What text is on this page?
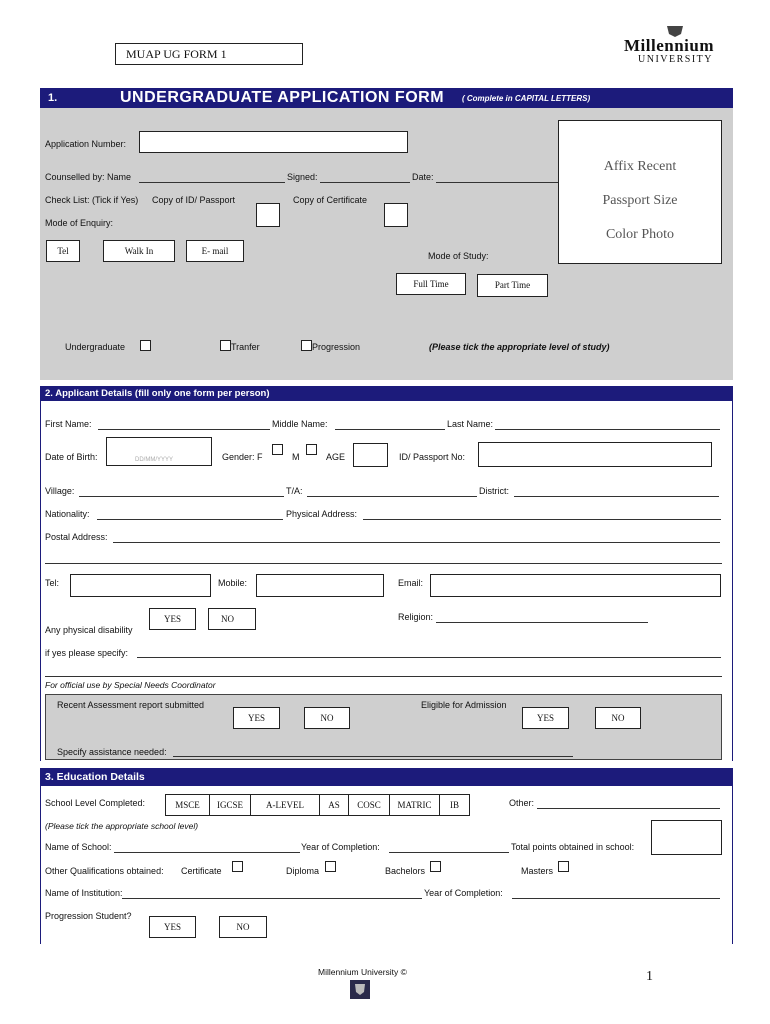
MUAP UG FORM 1	Millennium
UNIVERSITY
1.	UNDERGRADUATE APPLICATION FORM ( Complete in CAPITAL LETTERS)
Application Number:
Counselled by: Name	Signed:	Date:
Check List: (Tick if Yes) Copy of ID/ Passport	Copy of Certificate
Mode of Enquiry:
Tel	Walk In	E- mail
Affix Recent
Passport Size
Color Photo
Mode of Study:
Full Time	Part Time
Undergraduate	Tranfer	Progression	(Please tick the appropriate level of study)
2. Applicant Details (fill only one form per person)
First Name:	Middle Name:	Last Name:
Date of Birth:	DD/MM/YYYY	Gender: F	M	AGE	ID/ Passport No:
Village:	T/A:	District:
Nationality:	Physical Address:
Postal Address:
Tel:	Mobile:	Email:
Any physical disability
YES	NO	Religion:
if yes please specify:
For official use by Special Needs Coordinator
Recent Assessment report submitted
YES	NO
Eligible for Admission
YES	NO
Specify assistance needed:
3. Education Details
School Level Completed:	MSCE	IGCSE	A-LEVEL	AS	COSC	MATRIC	IB	Other:
(Please tick the appropriate school level)
Name of School:	Year of Completion:	Total points obtained in school:
Other Qualifications obtained: Certificate	Diploma	Bachelors	Masters
Name of Institution:	Year of Completion:
Progression Student?
YES	NO
Millennium University ©	1
